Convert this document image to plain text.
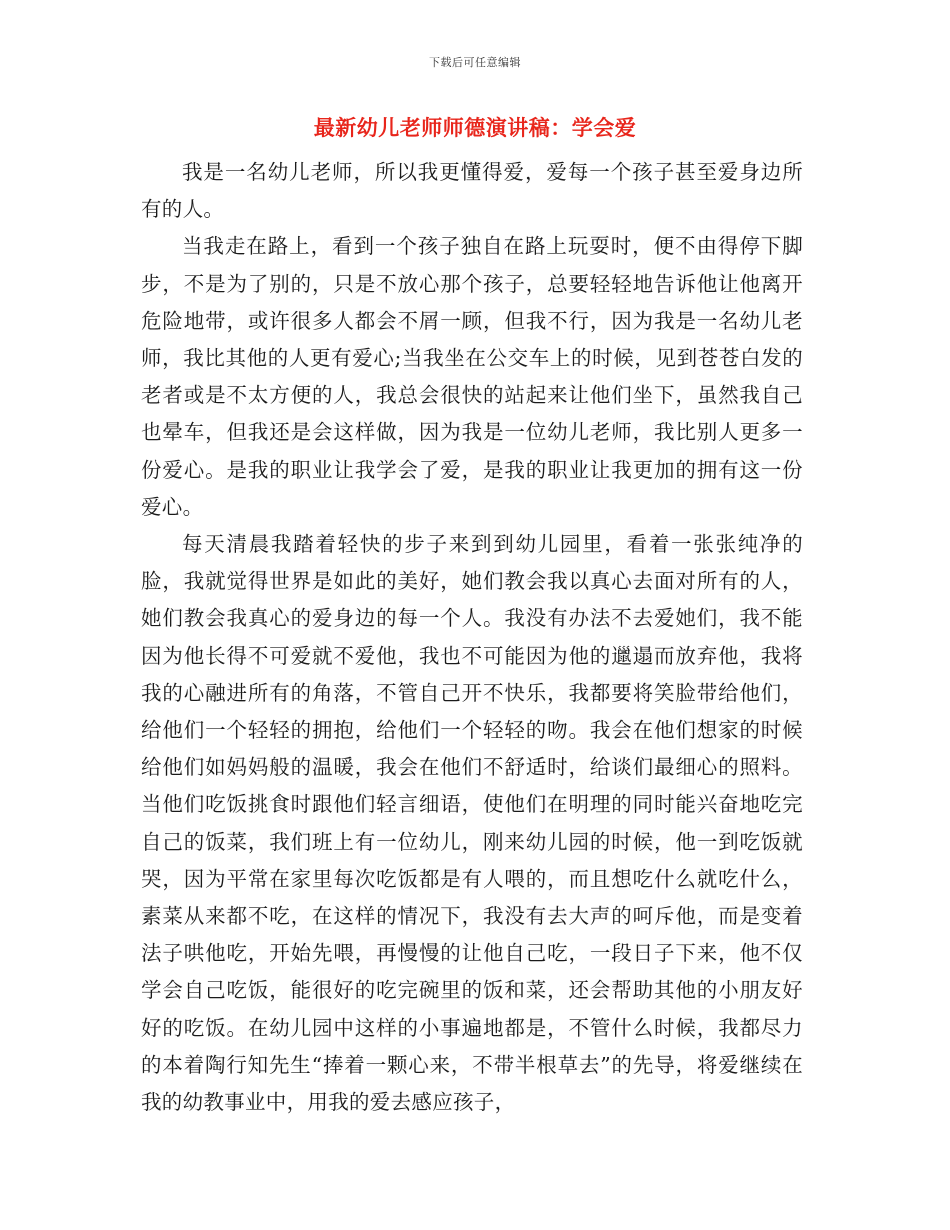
下载后可任意编辑
最新幼儿老师师德演讲稿：学会爱

我是一名幼儿老师，所以我更懂得爱，爱每一个孩子甚至爱身边所有的人。

当我走在路上，看到一个孩子独自在路上玩耍时，便不由得停下脚步，不是为了别的，只是不放心那个孩子，总要轻轻地告诉他让他离开危险地带，或许很多人都会不屑一顾，但我不行，因为我是一名幼儿老师，我比其他的人更有爱心;当我坐在公交车上的时候，见到苍苍白发的老者或是不太方便的人，我总会很快的站起来让他们坐下，虽然我自己也晕车，但我还是会这样做，因为我是一位幼儿老师，我比别人更多一份爱心。是我的职业让我学会了爱，是我的职业让我更加的拥有这一份爱心。

每天清晨我踏着轻快的步子来到到幼儿园里，看着一张张纯净的脸，我就觉得世界是如此的美好，她们教会我以真心去面对所有的人，她们教会我真心的爱身边的每一个人。我没有办法不去爱她们，我不能因为他长得不可爱就不爱他，我也不可能因为他的邋遢而放弃他，我将我的心融进所有的角落，不管自己开不快乐，我都要将笑脸带给他们，给他们一个轻轻的拥抱，给他们一个轻轻的吻。我会在他们想家的时候给他们如妈妈般的温暖，我会在他们不舒适时，给谈们最细心的照料。当他们吃饭挑食时跟他们轻言细语，使他们在明理的同时能兴奋地吃完自己的饭菜，我们班上有一位幼儿，刚来幼儿园的时候，他一到吃饭就哭，因为平常在家里每次吃饭都是有人喂的，而且想吃什么就吃什么，素菜从来都不吃，在这样的情况下，我没有去大声的呵斥他，而是变着法子哄他吃，开始先喂，再慢慢的让他自己吃，一段日子下来，他不仅学会自己吃饭，能很好的吃完碗里的饭和菜，还会帮助其他的小朋友好好的吃饭。在幼儿园中这样的小事遍地都是，不管什么时候，我都尽力的本着陶行知先生“捧着一颗心来，不带半根草去”的先导，将爱继续在我的幼教事业中，用我的爱去感应孩子，
